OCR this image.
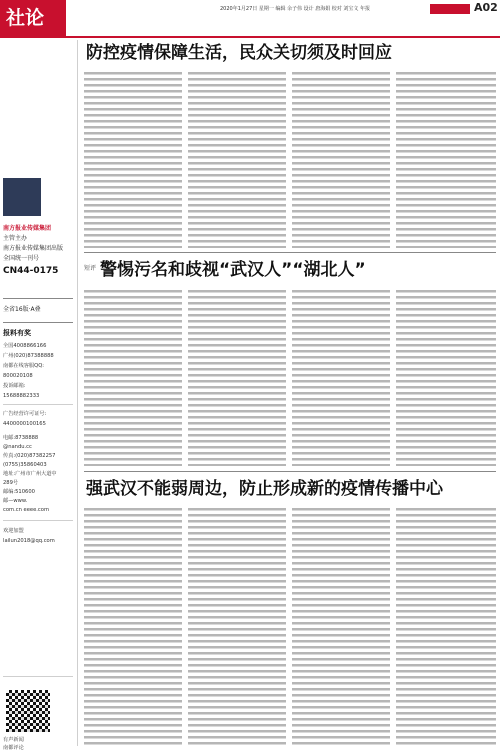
社论	2020年1月27日 星期一 编辑 余子伟 设计 唐海娟 校对 刘宝文 年报	A02
南方报业传媒集团
主管主办
南方报业传媒集团出版
全国统一刊号
CN44-0175
全省16版·A叠
报料有奖
全国4008866166
广州(020)87388888
南都在线客服QQ:
800020108
投诉邮箱:
15688882333
广告经营许可证号:
4400000100165
电邮:8738888
@nandu.cc
传真:(020)87382257
(0755)35860403
地址:广州市广州大道中
289号
邮编:510600
邮—www.
com.cn eeee.com
欢迎加盟
lailun2018@qq.com
有声新闻
南都评论
防控疫情保障生活，民众关切须及时回应
短评 警惕污名和歧视“武汉人”“湖北人”
强武汉不能弱周边，防止形成新的疫情传播中心
